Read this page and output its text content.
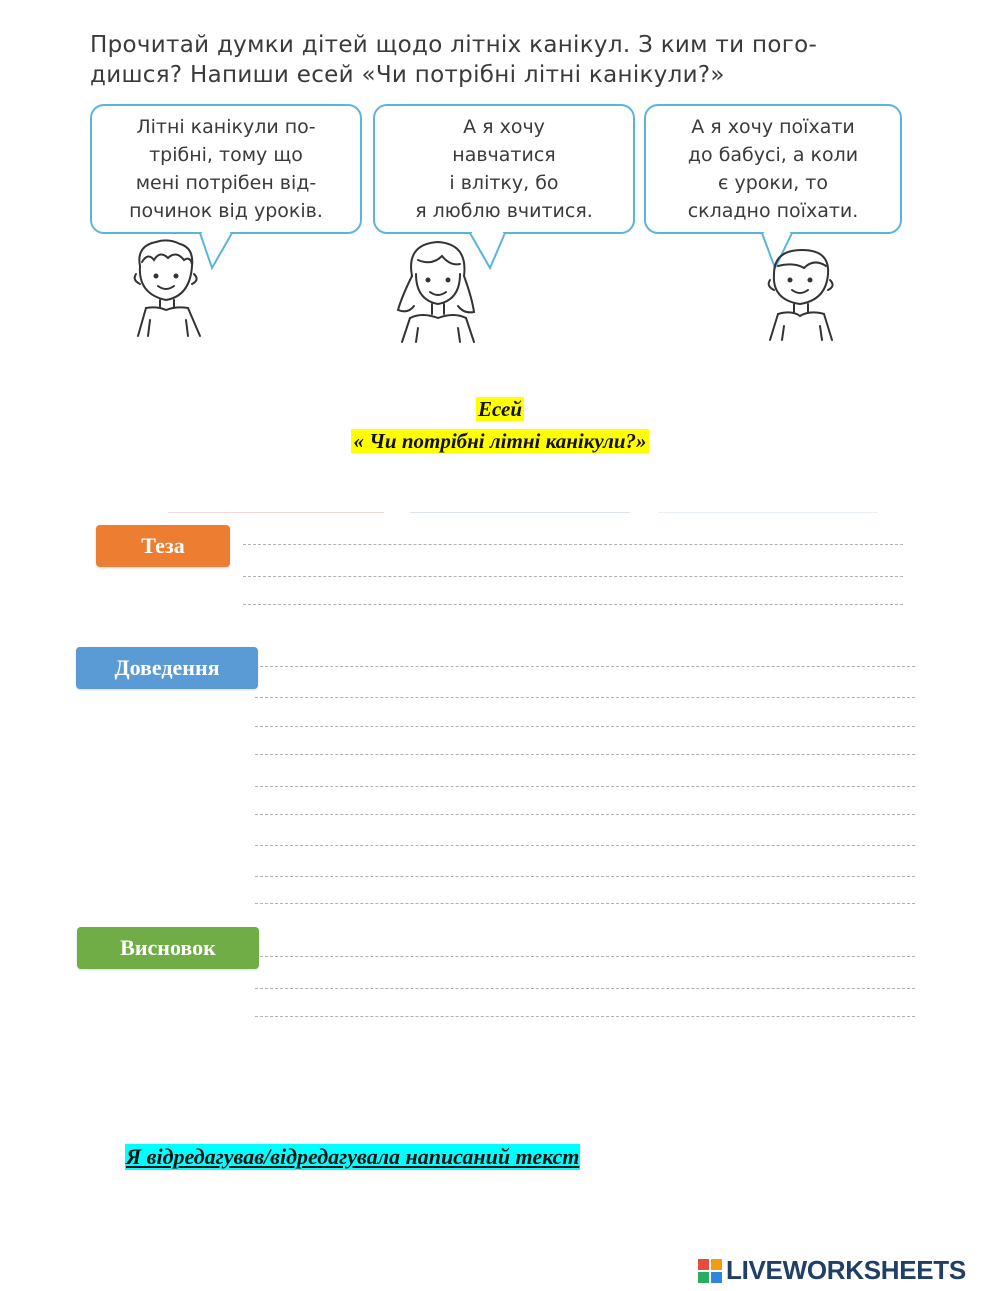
Прочитай думки дітей щодо літніх канікул. З ким ти пого-
дишся? Напиши есей «Чи потрібні літні канікули?»

Літні канікули по-
трібні, тому що
мені потрібен від-
починок від уроків.
А я хочу
навчатися
і влітку, бо
я люблю вчитися.
А я хочу поїхати
до бабусі, а коли
є уроки, то
складно поїхати.
Есей
« Чи потрібні літні канікули?»
Теза
Доведення
Висновок
Я відредагував/відредагувала написаний текст
LIVEWORKSHEETS
